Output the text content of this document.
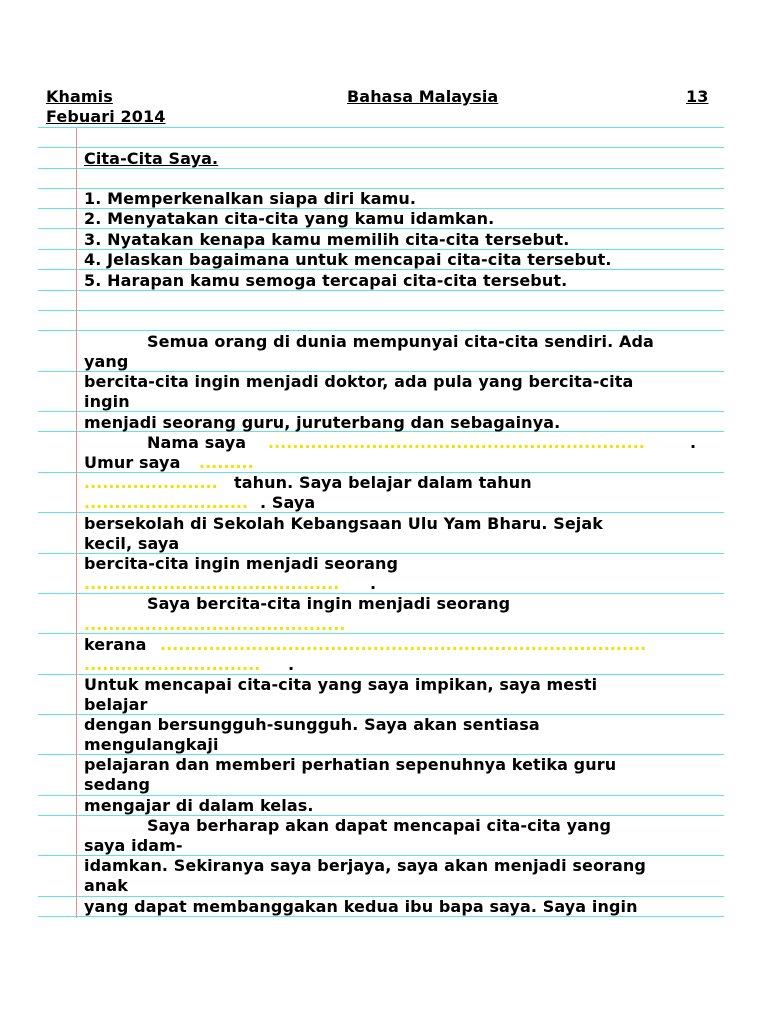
Khamis	Bahasa Malaysia	13
Febuari 2014
Cita-Cita Saya.
1. Memperkenalkan siapa diri kamu.
2. Menyatakan cita-cita yang kamu idamkan.
3. Nyatakan kenapa kamu memilih cita-cita tersebut.
4. Jelaskan bagaimana untuk mencapai cita-cita tersebut.
5. Harapan kamu semoga tercapai cita-cita tersebut.
Semua orang di dunia mempunyai cita-cita sendiri. Ada
yang
bercita-cita ingin menjadi doktor, ada pula yang bercita-cita
ingin
menjadi seorang guru, juruterbang dan sebagainya.
Nama saya ..............................................................	.
Umur saya .........
...................... tahun. Saya belajar dalam tahun
........................... . Saya
bersekolah di Sekolah Kebangsaan Ulu Yam Bharu. Sejak
kecil, saya
bercita-cita ingin menjadi seorang
.......................................... .
Saya bercita-cita ingin menjadi seorang
...........................................
kerana ................................................................................
............................. .
Untuk mencapai cita-cita yang saya impikan, saya mesti
belajar
dengan bersungguh-sungguh. Saya akan sentiasa
mengulangkaji
pelajaran dan memberi perhatian sepenuhnya ketika guru
sedang
mengajar di dalam kelas.
Saya berharap akan dapat mencapai cita-cita yang
saya idam-
idamkan. Sekiranya saya berjaya, saya akan menjadi seorang
anak
yang dapat membanggakan kedua ibu bapa saya. Saya ingin
